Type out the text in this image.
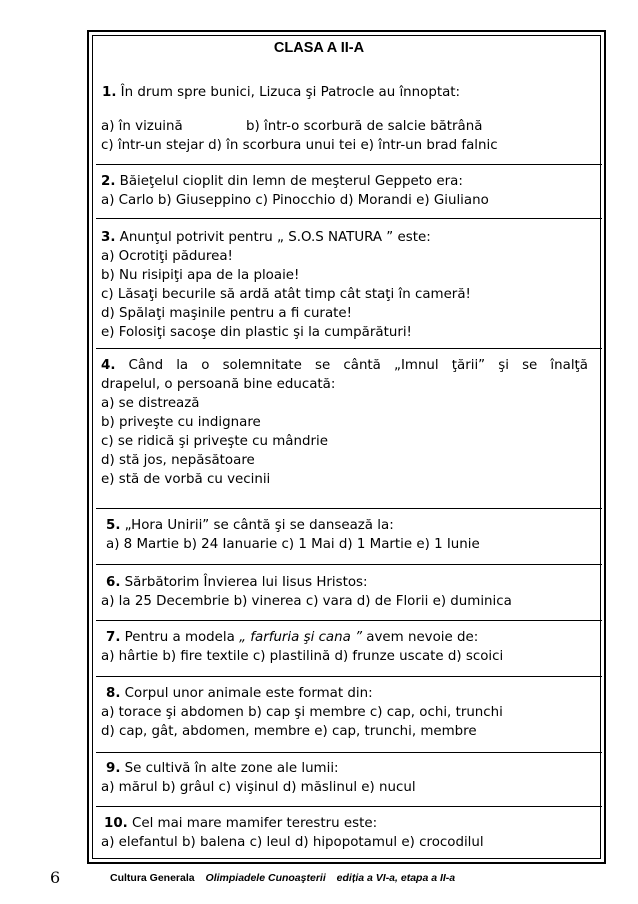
CLASA A II-A
1. În drum spre bunici, Lizuca şi Patrocle au înnoptat:
a) în vizuină	b) într-o scorbură de salcie bătrână
c) într-un stejar d) în scorbura unui tei e) într-un brad falnic
2. Băieţelul cioplit din lemn de meşterul Geppeto era:
a) Carlo b) Giuseppino c) Pinocchio d) Morandi e) Giuliano
3. Anunţul potrivit pentru „ S.O.S NATURA ” este:
a) Ocrotiţi pădurea!
b) Nu risipiţi apa de la ploaie!
c) Lăsaţi becurile să ardă atât timp cât staţi în cameră!
d) Spălaţi maşinile pentru a fi curate!
e) Folosiţi sacoşe din plastic şi la cumpărături!
4. Când la o solemnitate se cântă „Imnul ţării” şi se înalţă
drapelul, o persoană bine educată:
a) se distrează
b) priveşte cu indignare
c) se ridică şi priveşte cu mândrie
d) stă jos, nepăsătoare
e) stă de vorbă cu vecinii
5. „Hora Unirii” se cântă şi se dansează la:
a) 8 Martie b) 24 Ianuarie c) 1 Mai d) 1 Martie e) 1 Iunie
6. Sărbătorim Învierea lui Iisus Hristos:
a) la 25 Decembrie b) vinerea c) vara d) de Florii e) duminica
7. Pentru a modela „ farfuria şi cana ” avem nevoie de:
a) hârtie b) fire textile c) plastilină d) frunze uscate d) scoici
8. Corpul unor animale este format din:
a) torace şi abdomen b) cap şi membre c) cap, ochi, trunchi
d) cap, gât, abdomen, membre e) cap, trunchi, membre
9. Se cultivă în alte zone ale lumii:
a) mărul b) grâul c) vişinul d) măslinul e) nucul
10. Cel mai mare mamifer terestru este:
a) elefantul b) balena c) leul d) hipopotamul e) crocodilul
6	Cultura Generala Olimpiadele Cunoaşterii ediția a VI-a, etapa a II-a
